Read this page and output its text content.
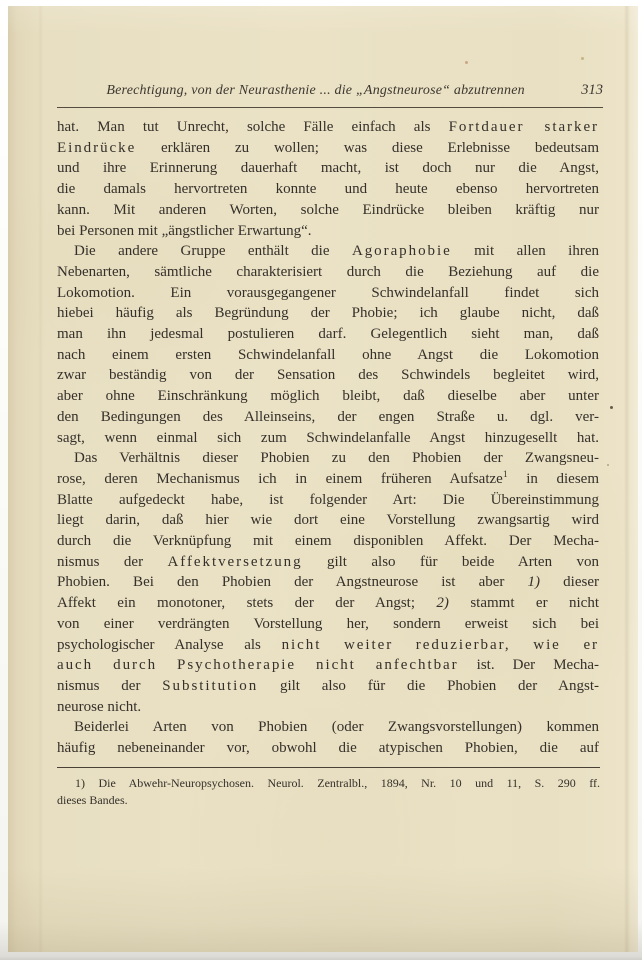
Berechtigung, von der Neurasthenie ... die „Angstneurose“ abzutrennen	313
hat. Man tut Unrecht, solche Fälle einfach als Fortdauer starker
Eindrücke erklären zu wollen; was diese Erlebnisse bedeutsam
und ihre Erinnerung dauerhaft macht, ist doch nur die Angst,
die damals hervortreten konnte und heute ebenso hervortreten
kann. Mit anderen Worten, solche Eindrücke bleiben kräftig nur
bei Personen mit „ängstlicher Erwartung“.
Die andere Gruppe enthält die Agoraphobie mit allen ihren
Nebenarten, sämtliche charakterisiert durch die Beziehung auf die
Lokomotion. Ein vorausgegangener Schwindelanfall findet sich
hiebei häufig als Begründung der Phobie; ich glaube nicht, daß
man ihn jedesmal postulieren darf. Gelegentlich sieht man, daß
nach einem ersten Schwindelanfall ohne Angst die Lokomotion
zwar beständig von der Sensation des Schwindels begleitet wird,
aber ohne Einschränkung möglich bleibt, daß dieselbe aber unter
den Bedingungen des Alleinseins, der engen Straße u. dgl. ver-
sagt, wenn einmal sich zum Schwindelanfalle Angst hinzugesellt hat.
Das Verhältnis dieser Phobien zu den Phobien der Zwangsneu-
rose, deren Mechanismus ich in einem früheren Aufsatze$^1$ in diesem
Blatte aufgedeckt habe, ist folgender Art: Die Übereinstimmung
liegt darin, daß hier wie dort eine Vorstellung zwangsartig wird
durch die Verknüpfung mit einem disponiblen Affekt. Der Mecha-
nismus der Affektversetzung gilt also für beide Arten von
Phobien. Bei den Phobien der Angstneurose ist aber 1) dieser
Affekt ein monotoner, stets der der Angst; 2) stammt er nicht
von einer verdrängten Vorstellung her, sondern erweist sich bei
psychologischer Analyse als nicht weiter reduzierbar, wie er
auch durch Psychotherapie nicht anfechtbar ist. Der Mecha-
nismus der Substitution gilt also für die Phobien der Angst-
neurose nicht.
Beiderlei Arten von Phobien (oder Zwangsvorstellungen) kommen
häufig nebeneinander vor, obwohl die atypischen Phobien, die auf
1) Die Abwehr-Neuropsychosen. Neurol. Zentralbl., 1894, Nr. 10 und 11, S. 290 ff.
dieses Bandes.
